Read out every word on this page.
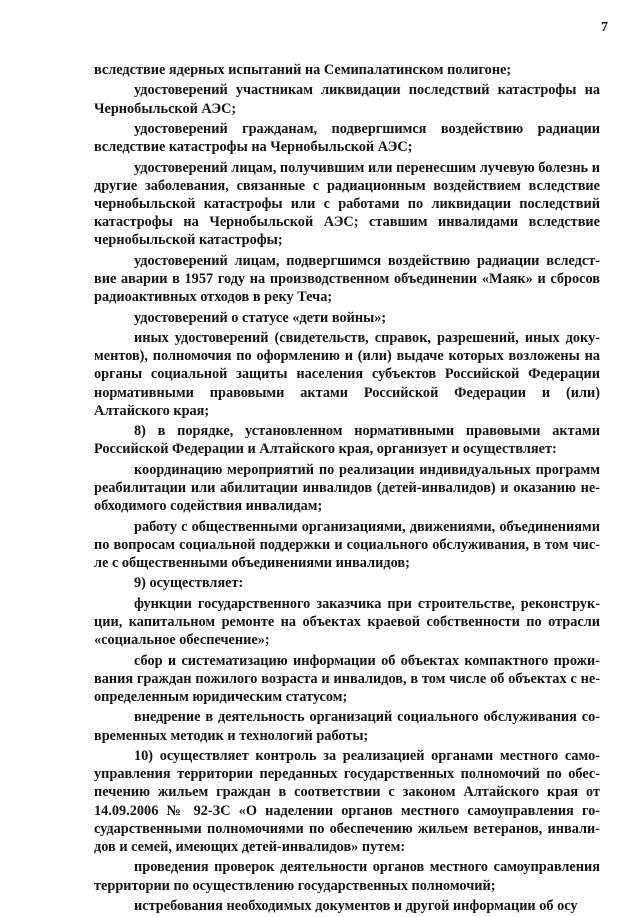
7

вследствие ядерных испытаний на Семипалатинском полигоне;

удостоверений участникам ликвидации последствий катастрофы на Чернобыльской АЭС;

удостоверений гражданам, подвергшимся воздействию радиации вследствие катастрофы на Чернобыльской АЭС;

удостоверений лицам, получившим или перенесшим лучевую болезнь и другие заболевания, связанные с радиационным воздействием вследствие чернобыльской катастрофы или с работами по ликвидации последствий катастрофы на Чернобыльской АЭС; ставшим инвалидами вследствие чернобыльской катастрофы;

удостоверений лицам, подвергшимся воздействию радиации вследствие аварии в 1957 году на производственном объединении «Маяк» и сбросов радиоактивных отходов в реку Теча;

удостоверений о статусе «дети войны»;

иных удостоверений (свидетельств, справок, разрешений, иных документов), полномочия по оформлению и (или) выдаче которых возложены на органы социальной защиты населения субъектов Российской Федерации нормативными правовыми актами Российской Федерации и (или) Алтайского края;

8) в порядке, установленном нормативными правовыми актами Российской Федерации и Алтайского края, организует и осуществляет:

координацию мероприятий по реализации индивидуальных программ реабилитации или абилитации инвалидов (детей-инвалидов) и оказанию необходимого содействия инвалидам;

работу с общественными организациями, движениями, объединениями по вопросам социальной поддержки и социального обслуживания, в том числе с общественными объединениями инвалидов;

9) осуществляет:

функции государственного заказчика при строительстве, реконструкции, капитальном ремонте на объектах краевой собственности по отрасли «социальное обеспечение»;

сбор и систематизацию информации об объектах компактного проживания граждан пожилого возраста и инвалидов, в том числе об объектах с неопределенным юридическим статусом;

внедрение в деятельность организаций социального обслуживания современных методик и технологий работы;

10) осуществляет контроль за реализацией органами местного самоуправления территории переданных государственных полномочий по обеспечению жильем граждан в соответствии с законом Алтайского края от 14.09.2006 № 92-ЗС «О наделении органов местного самоуправления государственными полномочиями по обеспечению жильем ветеранов, инвалидов и семей, имеющих детей-инвалидов» путем:

проведения проверок деятельности органов местного самоуправления территории по осуществлению государственных полномочий;

истребования необходимых документов и другой информации об осу
